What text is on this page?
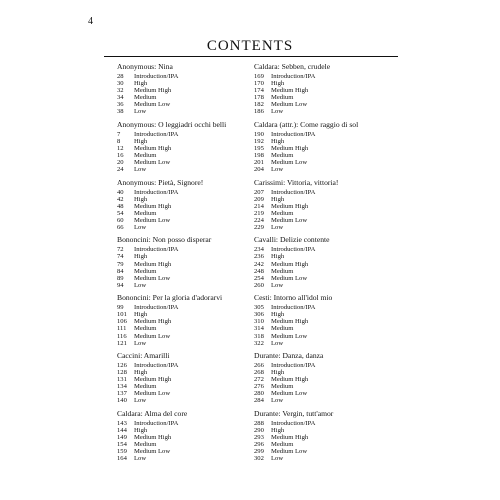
4
CONTENTS
Anonymous: Nina
28	Introduction/IPA
30	High
32	Medium High
34	Medium
36	Medium Low
38	Low
Anonymous: O leggiadri occhi belli
7	Introduction/IPA
8	High
12	Medium High
16	Medium
20	Medium Low
24	Low
Anonymous: Pietà, Signore!
40	Introduction/IPA
42	High
48	Medium High
54	Medium
60	Medium Low
66	Low
Bononcini: Non posso disperar
72	Introduction/IPA
74	High
79	Medium High
84	Medium
89	Medium Low
94	Low
Bononcini: Per la gloria d'adorarvi
99	Introduction/IPA
101	High
106	Medium High
111	Medium
116	Medium Low
121	Low
Caccini: Amarilli
126	Introduction/IPA
128	High
131	Medium High
134	Medium
137	Medium Low
140	Low
Caldara: Alma del core
143	Introduction/IPA
144	High
149	Medium High
154	Medium
159	Medium Low
164	Low
Caldara: Sebben, crudele
169	Introduction/IPA
170	High
174	Medium High
178	Medium
182	Medium Low
186	Low
Caldara (attr.): Come raggio di sol
190	Introduction/IPA
192	High
195	Medium High
198	Medium
201	Medium Low
204	Low
Carissimi: Vittoria, vittoria!
207	Introduction/IPA
209	High
214	Medium High
219	Medium
224	Medium Low
229	Low
Cavalli: Delizie contente
234	Introduction/IPA
236	High
242	Medium High
248	Medium
254	Medium Low
260	Low
Cesti: Intorno all'idol mio
305	Introduction/IPA
306	High
310	Medium High
314	Medium
318	Medium Low
322	Low
Durante: Danza, danza
266	Introduction/IPA
268	High
272	Medium High
276	Medium
280	Medium Low
284	Low
Durante: Vergin, tutt'amor
288	Introduction/IPA
290	High
293	Medium High
296	Medium
299	Medium Low
302	Low
